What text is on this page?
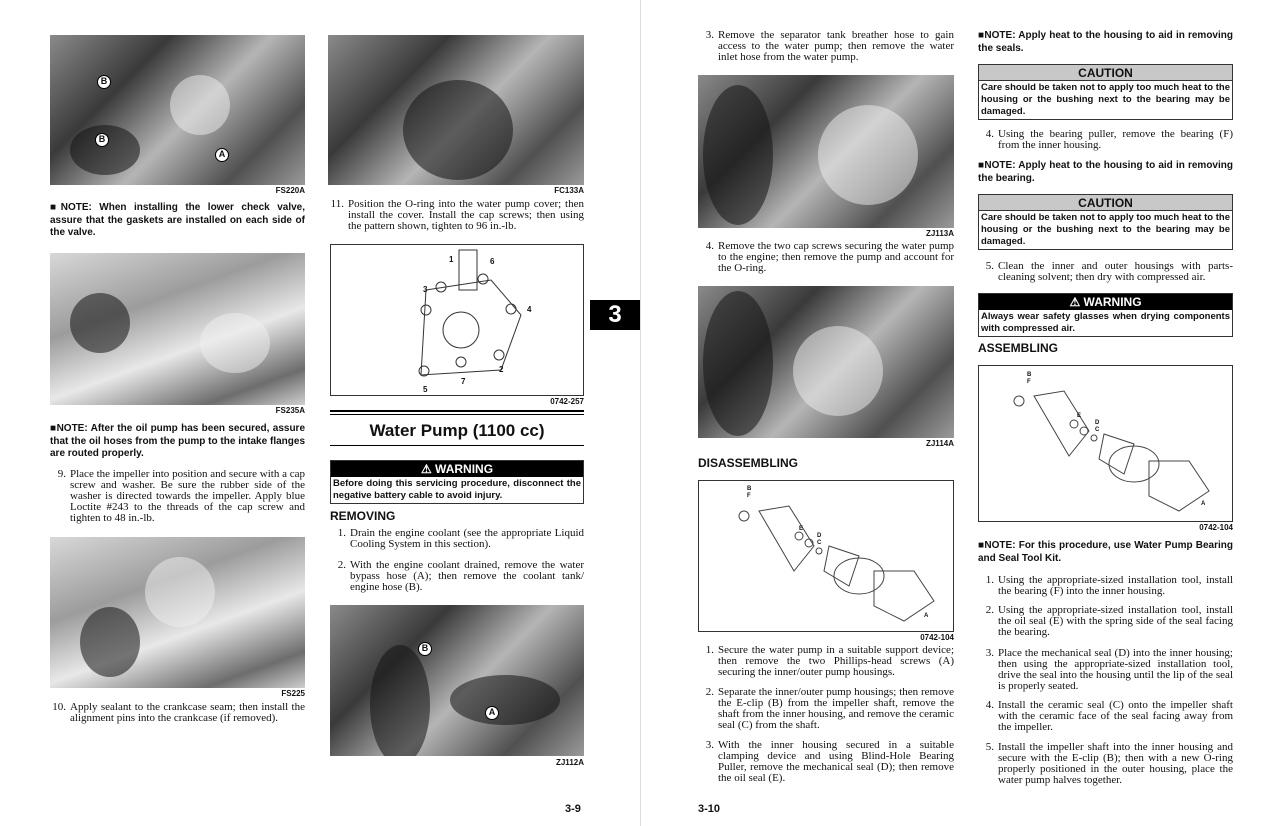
3
B
B
A
FS220A
■NOTE: When installing the lower check valve, assure that the gaskets are installed on each side of the valve.
FS235A
■NOTE: After the oil pump has been secured, assure that the oil hoses from the pump to the intake flanges are routed properly.
9. Place the impeller into position and secure with a cap screw and washer. Be sure the rubber side of the washer is directed towards the impeller. Apply blue Loctite #243 to the threads of the cap screw and tighten to 48 in.-lb.
FS225
10. Apply sealant to the crankcase seam; then install the alignment pins into the crankcase (if removed).
FC133A
11. Position the O-ring into the water pump cover; then install the cover. Install the cap screws; then using the pattern shown, tighten to 96 in.-lb.
1
2
3
4
5
6
7
0742-257
Water Pump (1100 cc)
⚠ WARNING
Before doing this servicing procedure, disconnect the negative battery cable to avoid injury.
REMOVING
1. Drain the engine coolant (see the appropriate Liquid Cooling System in this section).
2. With the engine coolant drained, remove the water bypass hose (A); then remove the coolant tank/ engine hose (B).
B
A
ZJ112A
3-9
3. Remove the separator tank breather hose to gain access to the water pump; then remove the water inlet hose from the water pump.
ZJ113A
4. Remove the two cap screws securing the water pump to the engine; then remove the pump and account for the O-ring.
ZJ114A
DISASSEMBLING
B
F
E
D
C
A
0742-104
1. Secure the water pump in a suitable support device; then remove the two Phillips-head screws (A) securing the inner/outer pump housings.
2. Separate the inner/outer pump housings; then remove the E-clip (B) from the impeller shaft, remove the shaft from the inner housing, and remove the ceramic seal (C) from the shaft.
3. With the inner housing secured in a suitable clamping device and using Blind-Hole Bearing Puller, remove the mechanical seal (D); then remove the oil seal (E).
3-10
■NOTE: Apply heat to the housing to aid in removing the seals.
CAUTION
Care should be taken not to apply too much heat to the housing or the bushing next to the bearing may be damaged.
4. Using the bearing puller, remove the bearing (F) from the inner housing.
■NOTE: Apply heat to the housing to aid in removing the bearing.
CAUTION
Care should be taken not to apply too much heat to the housing or the bushing next to the bearing may be damaged.
5. Clean the inner and outer housings with parts-cleaning solvent; then dry with compressed air.
⚠ WARNING
Always wear safety glasses when drying components with compressed air.
ASSEMBLING
B
F
E
D
C
A
0742-104
■NOTE: For this procedure, use Water Pump Bearing and Seal Tool Kit.
1. Using the appropriate-sized installation tool, install the bearing (F) into the inner housing.
2. Using the appropriate-sized installation tool, install the oil seal (E) with the spring side of the seal facing the bearing.
3. Place the mechanical seal (D) into the inner housing; then using the appropriate-sized installation tool, drive the seal into the housing until the lip of the seal is properly seated.
4. Install the ceramic seal (C) onto the impeller shaft with the ceramic face of the seal facing away from the impeller.
5. Install the impeller shaft into the inner housing and secure with the E-clip (B); then with a new O-ring properly positioned in the outer housing, place the water pump halves together.
